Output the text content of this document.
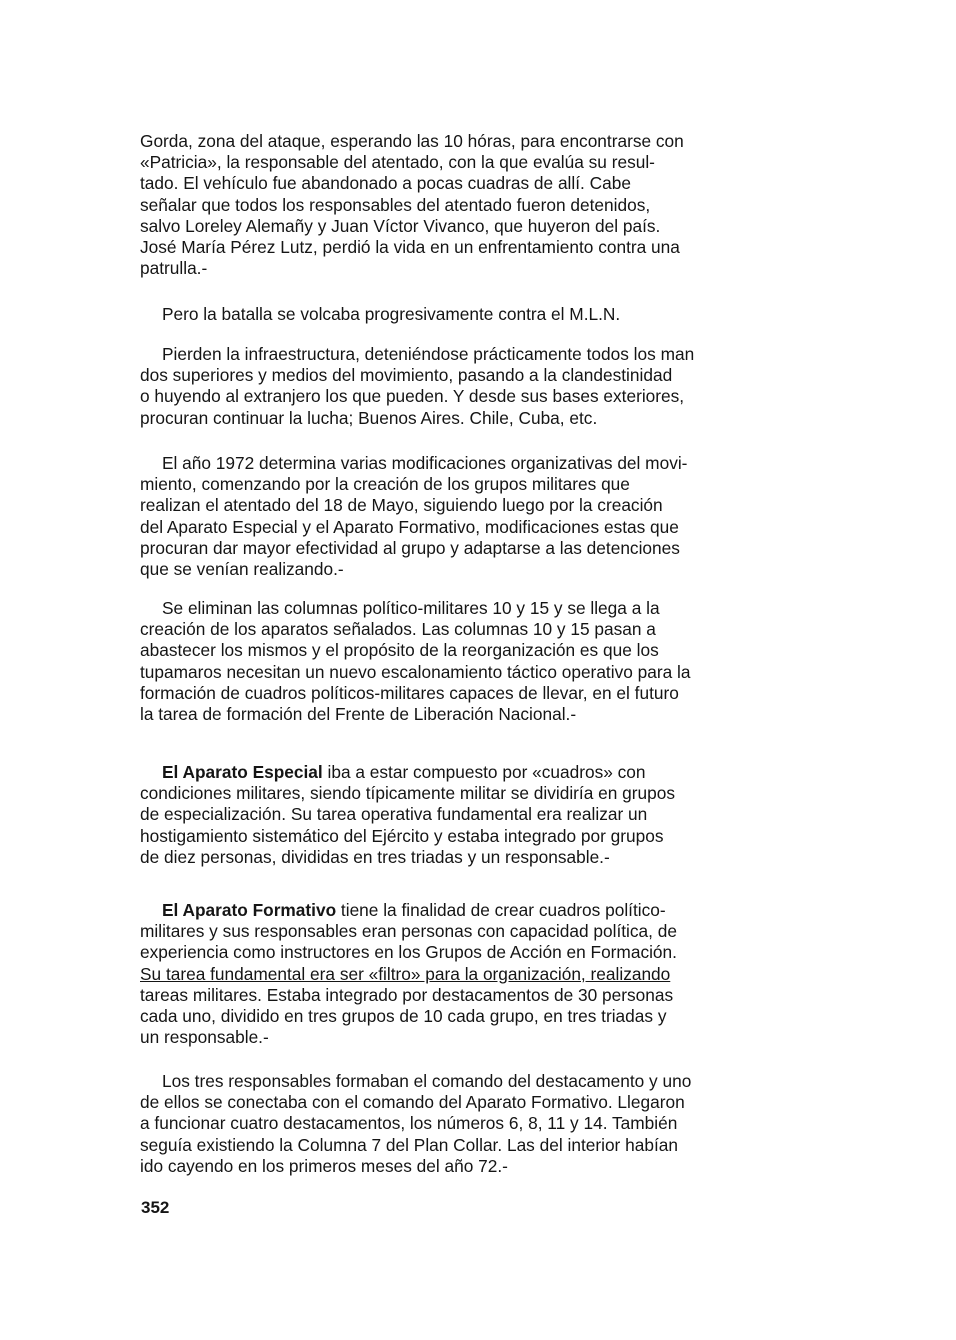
Gorda, zona del ataque, esperando las 10 hóras, para encontrarse con
«Patricia», la responsable del atentado, con la que evalúa su resul-
tado. El vehículo fue abandonado a pocas cuadras de allí. Cabe
señalar que todos los responsables del atentado fueron detenidos,
salvo Loreley Alemañy y Juan Víctor Vivanco, que huyeron del país.
José María Pérez Lutz, perdió la vida en un enfrentamiento contra una
patrulla.-

Pero la batalla se volcaba progresivamente contra el M.L.N.

Pierden la infraestructura, deteniéndose prácticamente todos los man
dos superiores y medios del movimiento, pasando a la clandestinidad
o huyendo al extranjero los que pueden. Y desde sus bases exteriores,
procuran continuar la lucha; Buenos Aires. Chile, Cuba, etc.

El año 1972 determina varias modificaciones organizativas del movi-
miento, comenzando por la creación de los grupos militares que
realizan el atentado del 18 de Mayo, siguiendo luego por la creación
del Aparato Especial y el Aparato Formativo, modificaciones estas que
procuran dar mayor efectividad al grupo y adaptarse a las detenciones
que se venían realizando.-

Se eliminan las columnas político-militares 10 y 15 y se llega a la
creación de los aparatos señalados. Las columnas 10 y 15 pasan a
abastecer los mismos y el propósito de la reorganización es que los
tupamaros necesitan un nuevo escalonamiento táctico operativo para la
formación de cuadros políticos-militares capaces de llevar, en el futuro
la tarea de formación del Frente de Liberación Nacional.-

El Aparato Especial iba a estar compuesto por «cuadros» con
condiciones militares, siendo típicamente militar se dividiría en grupos
de especialización. Su tarea operativa fundamental era realizar un
hostigamiento sistemático del Ejército y estaba integrado por grupos
de diez personas, divididas en tres triadas y un responsable.-

El Aparato Formativo tiene la finalidad de crear cuadros político-
militares y sus responsables eran personas con capacidad política, de
experiencia como instructores en los Grupos de Acción en Formación.
Su tarea fundamental era ser «filtro» para la organización, realizando
tareas militares. Estaba integrado por destacamentos de 30 personas
cada uno, dividido en tres grupos de 10 cada grupo, en tres triadas y
un responsable.-

Los tres responsables formaban el comando del destacamento y uno
de ellos se conectaba con el comando del Aparato Formativo. Llegaron
a funcionar cuatro destacamentos, los números 6, 8, 11 y 14. También
seguía existiendo la Columna 7 del Plan Collar. Las del interior habían
ido cayendo en los primeros meses del año 72.-

352
